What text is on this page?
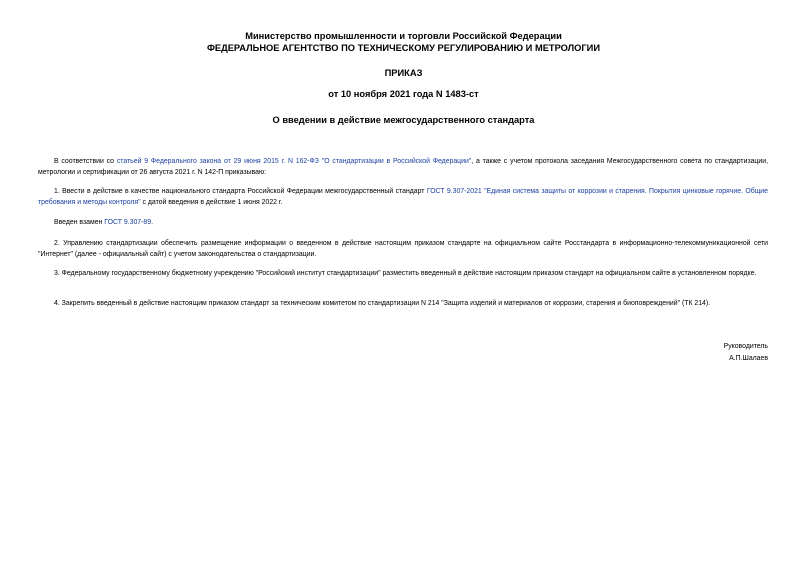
Министерство промышленности и торговли Российской Федерации
ФЕДЕРАЛЬНОЕ АГЕНТСТВО ПО ТЕХНИЧЕСКОМУ РЕГУЛИРОВАНИЮ И МЕТРОЛОГИИ
ПРИКАЗ
от 10 ноября 2021 года N 1483-ст
О введении в действие межгосударственного стандарта
В соответствии со статьей 9 Федерального закона от 29 июня 2015 г. N 162-ФЗ "О стандартизации в Российской Федерации", а также с учетом протокола заседания Межгосударственного совета по стандартизации, метрологии и сертификации от 26 августа 2021 г. N 142-П приказываю:
1. Ввести в действие в качестве национального стандарта Российской Федерации межгосударственный стандарт ГОСТ 9.307-2021 "Единая система защиты от коррозии и старения. Покрытия цинковые горячие. Общие требования и методы контроля" с датой введения в действие 1 июня 2022 г.
Введен взамен ГОСТ 9.307-89.
2. Управлению стандартизации обеспечить размещение информации о введенном в действие настоящим приказом стандарте на официальном сайте Росстандарта в информационно-телекоммуникационной сети "Интернет" (далее - официальный сайт) с учетом законодательства о стандартизации.
3. Федеральному государственному бюджетному учреждению "Российский институт стандартизации" разместить введенный в действие настоящим приказом стандарт на официальном сайте в установленном порядке.
4. Закрепить введенный в действие настоящим приказом стандарт за техническим комитетом по стандартизации N 214 "Защита изделий и материалов от коррозии, старения и биоповреждений" (ТК 214).
Руководитель
А.П.Шалаев
